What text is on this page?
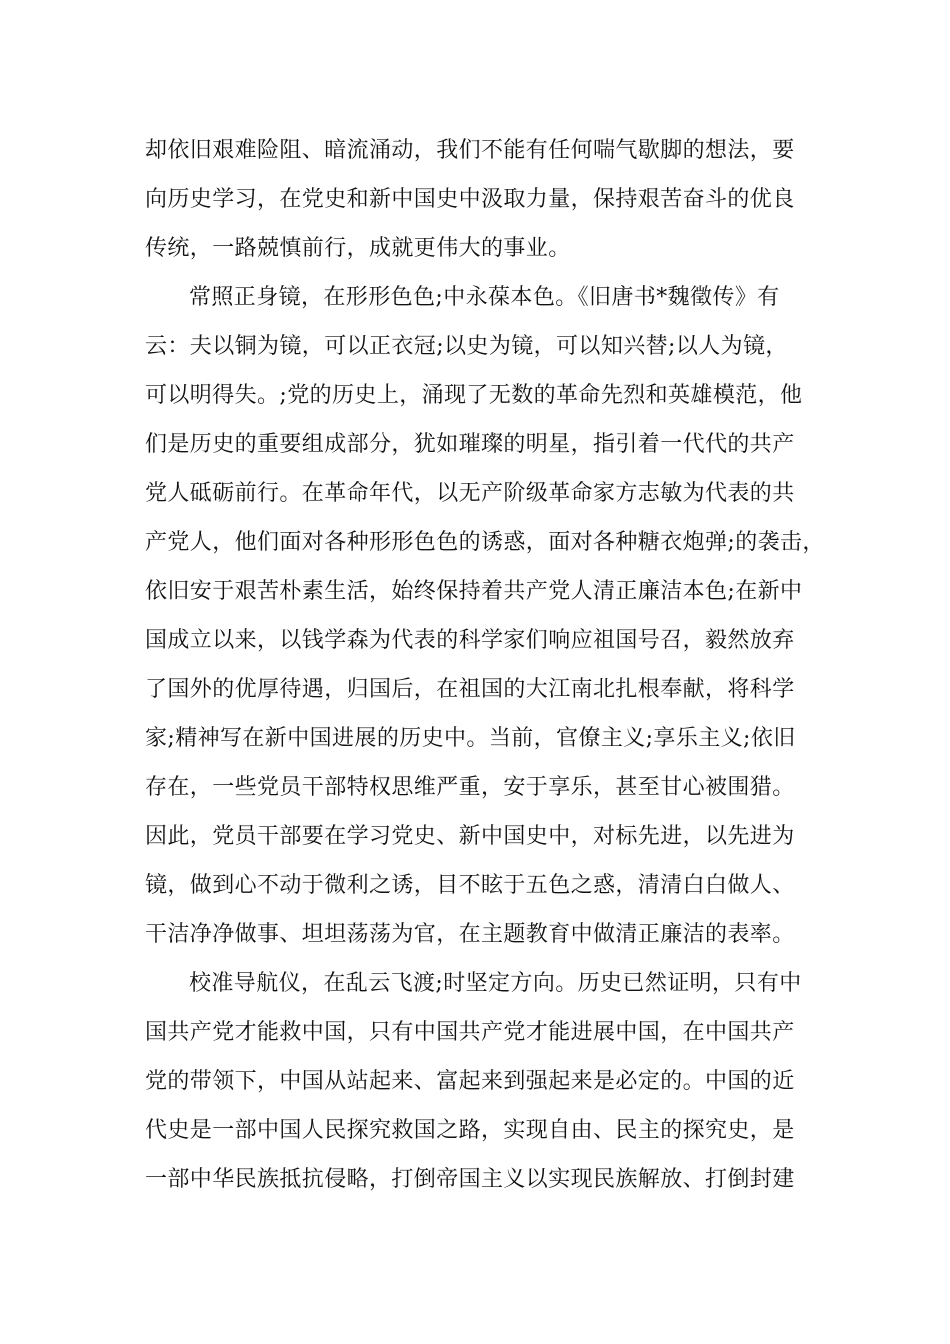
却依旧艰难险阻、暗流涌动，我们不能有任何喘气歇脚的想法，要
向历史学习，在党史和新中国史中汲取力量，保持艰苦奋斗的优良
传统，一路兢慎前行，成就更伟大的事业。
常照正身镜，在形形色色;中永葆本色。《旧唐书*魏徵传》有
云：夫以铜为镜，可以正衣冠;以史为镜，可以知兴替;以人为镜，
可以明得失。;党的历史上，涌现了无数的革命先烈和英雄模范，他
们是历史的重要组成部分，犹如璀璨的明星，指引着一代代的共产
党人砥砺前行。在革命年代，以无产阶级革命家方志敏为代表的共
产党人，他们面对各种形形色色的诱惑，面对各种糖衣炮弹;的袭击，
依旧安于艰苦朴素生活，始终保持着共产党人清正廉洁本色;在新中
国成立以来，以钱学森为代表的科学家们响应祖国号召，毅然放弃
了国外的优厚待遇，归国后，在祖国的大江南北扎根奉献，将科学
家;精神写在新中国进展的历史中。当前，官僚主义;享乐主义;依旧
存在，一些党员干部特权思维严重，安于享乐，甚至甘心被围猎。
因此，党员干部要在学习党史、新中国史中，对标先进，以先进为
镜，做到心不动于微利之诱，目不眩于五色之惑，清清白白做人、
干洁净净做事、坦坦荡荡为官，在主题教育中做清正廉洁的表率。
校准导航仪，在乱云飞渡;时坚定方向。历史已然证明，只有中
国共产党才能救中国，只有中国共产党才能进展中国，在中国共产
党的带领下，中国从站起来、富起来到强起来是必定的。中国的近
代史是一部中国人民探究救国之路，实现自由、民主的探究史，是
一部中华民族抵抗侵略，打倒帝国主义以实现民族解放、打倒封建
